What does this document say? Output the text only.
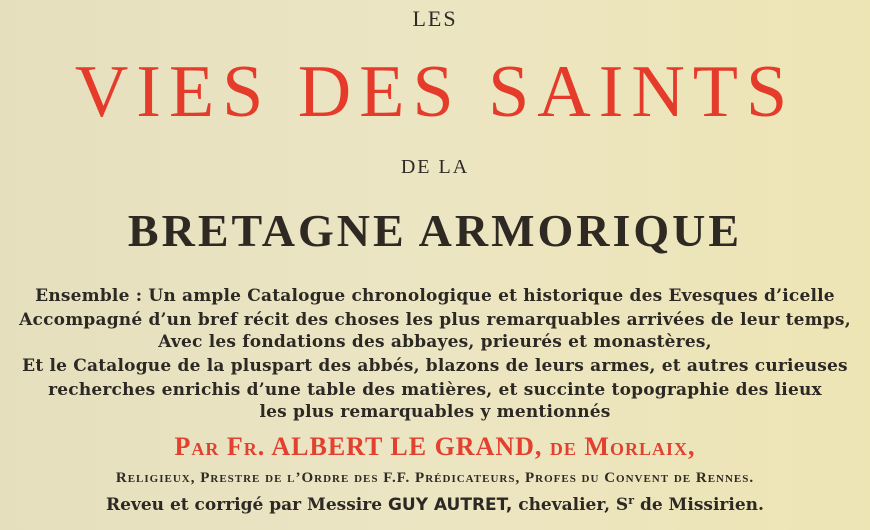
LES
VIES DES SAINTS
DE LA
BRETAGNE ARMORIQUE
Ensemble : Un ample Catalogue chronologique et historique des Evesques d’icelle
Accompagné d’un bref récit des choses les plus remarquables arrivées de leur temps,
Avec les fondations des abbayes, prieurés et monastères,
Et le Catalogue de la pluspart des abbés, blazons de leurs armes, et autres curieuses
recherches enrichis d’une table des matières, et succinte topographie des lieux
les plus remarquables y mentionnés
Par Fr. ALBERT LE GRAND, de Morlaix,
Religieux, Prestre de l’Ordre des F.F. Prédicateurs, Profes du Convent de Rennes.
Reveu et corrigé par Messire GUY AUTRET, chevalier, $S^r$ de Missirien.
